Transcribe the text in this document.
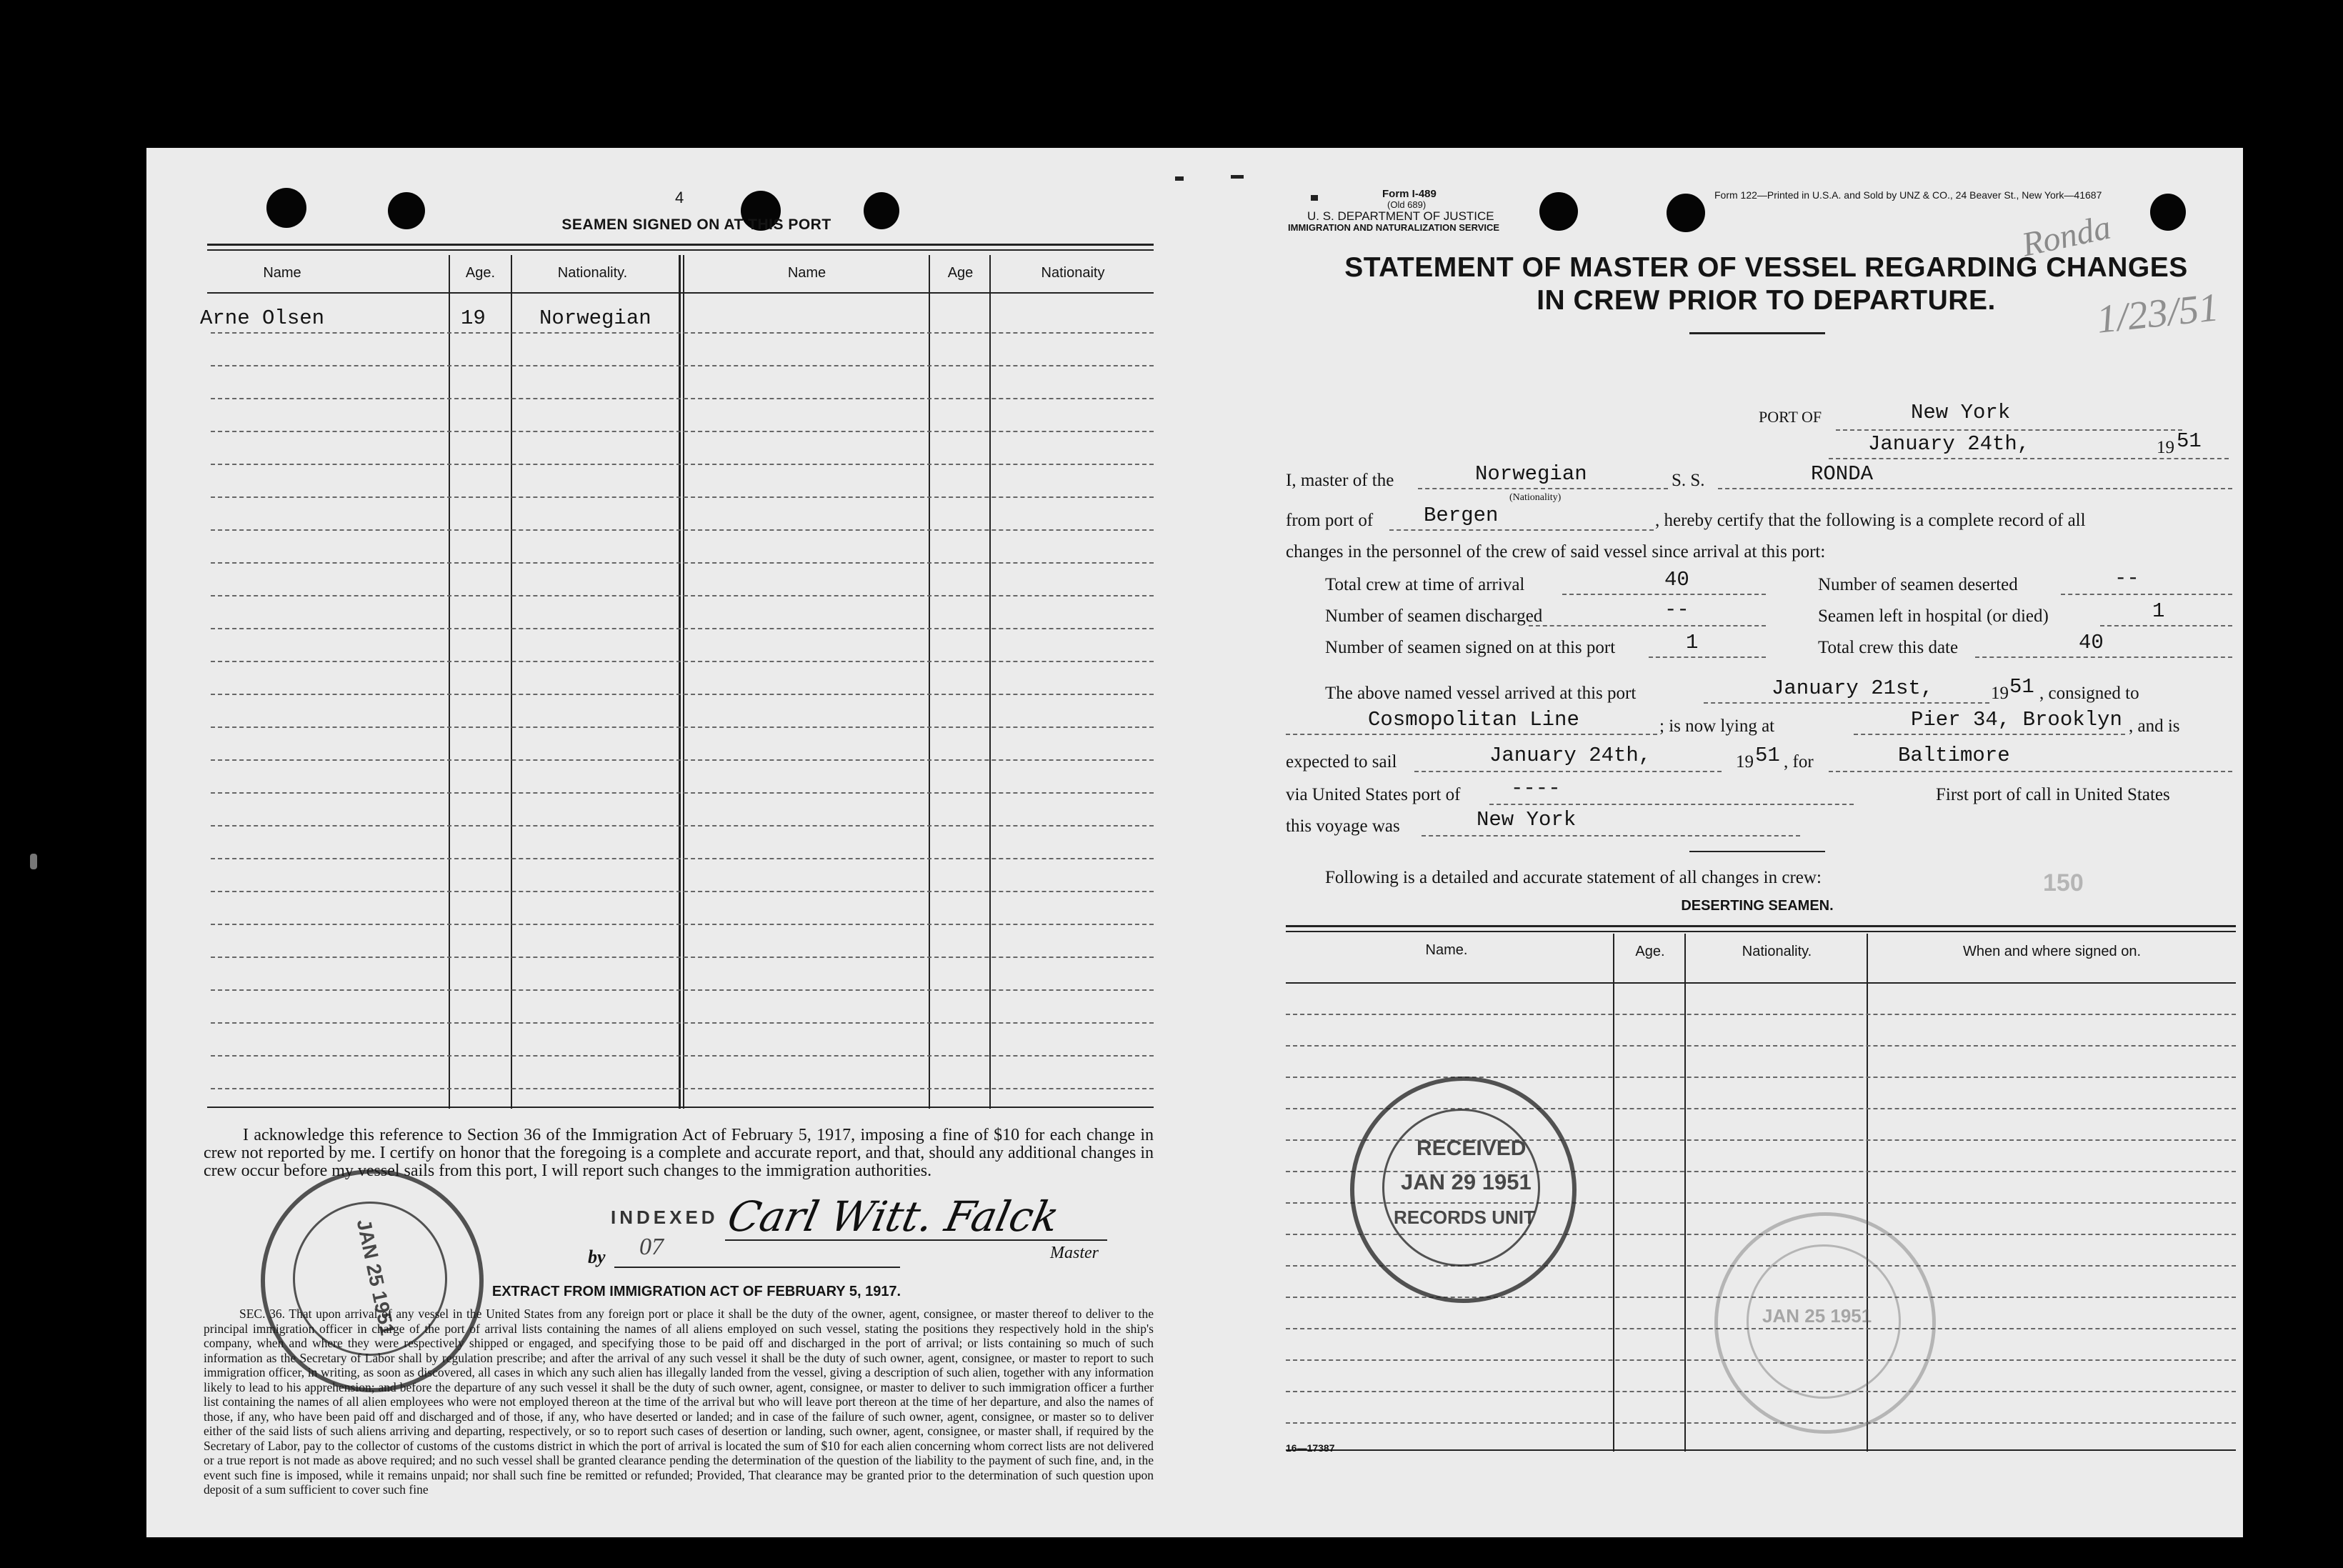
4
SEAMEN SIGNED ON AT THIS PORT
Name	Age.	Nationality.	Name	Age	Nationaity
Arne Olsen	19	Norwegian
I acknowledge this reference to Section 36 of the Immigration Act of February 5, 1917, imposing a fine of $10 for each change in crew not reported by me. I certify on honor that the foregoing is a complete and accurate report, and that, should any additional changes in crew occur before my vessel sails from this port, I will report such changes to the immigration authorities.
INDEXED
by 07
Carl Witt. Falck
Master
EXTRACT FROM IMMIGRATION ACT OF FEBRUARY 5, 1917.
SEC. 36. That upon arrival of any vessel in the United States from any foreign port or place it shall be the duty of the owner, agent, consignee, or master thereof to deliver to the principal immigration officer in charge of the port of arrival lists containing the names of all aliens employed on such vessel, stating the positions they respectively hold in the ship's company, when and where they were respectively shipped or engaged, and specifying those to be paid off and discharged in the port of arrival; or lists containing so much of such information as the Secretary of Labor shall by regulation prescribe; and after the arrival of any such vessel it shall be the duty of such owner, agent, consignee, or master to report to such immigration officer, in writing, as soon as discovered, all cases in which any such alien has illegally landed from the vessel, giving a description of such alien, together with any information likely to lead to his apprehension; and before the departure of any such vessel it shall be the duty of such owner, agent, consignee, or master to deliver to such immigration officer a further list containing the names of all alien employees who were not employed thereon at the time of the arrival but who will leave port thereon at the time of her departure, and also the names of those, if any, who have been paid off and discharged and of those, if any, who have deserted or landed; and in case of the failure of such owner, agent, consignee, or master so to deliver either of the said lists of such aliens arriving and departing, respectively, or so to report such cases of desertion or landing, such owner, agent, consignee, or master shall, if required by the Secretary of Labor, pay to the collector of customs of the customs district in which the port of arrival is located the sum of $10 for each alien concerning whom correct lists are not delivered or a true report is not made as above required; and no such vessel shall be granted clearance pending the determination of the question of the liability to the payment of such fine, and, in the event such fine is imposed, while it remains unpaid; nor shall such fine be remitted or refunded; Provided, That clearance may be granted prior to the determination of such question upon deposit of a sum sufficient to cover such fine
JAN 25 1951
Form I-489
(Old 689)
U. S. DEPARTMENT OF JUSTICE
IMMIGRATION AND NATURALIZATION SERVICE
Form 122—Printed in U.S.A. and Sold by UNZ & CO., 24 Beaver St., New York—41687
Ronda
1/23/51
STATEMENT OF MASTER OF VESSEL REGARDING CHANGES
IN CREW PRIOR TO DEPARTURE.
PORT OF	New York
January 24th,	19 51
I, master of the	Norwegian
(Nationality)
S. S.	RONDA
from port of Bergen	, hereby certify that the following is a complete record of all
changes in the personnel of the crew of said vessel since arrival at this port:
Total crew at time of arrival	40	Number of seamen deserted	--
Number of seamen discharged	--	Seamen left in hospital (or died)	1
Number of seamen signed on at this port	1	Total crew this date	40
The above named vessel arrived at this port	January 21st,	19 51 , consigned to
Cosmopolitan Line	; is now lying at	Pier 34, Brooklyn , and is
expected to sail	January 24th,	19 51 , for	Baltimore
via United States port of ----	First port of call in United States
this voyage was	New York
Following is a detailed and accurate statement of all changes in crew:	150
DESERTING SEAMEN.
Name.	Age.	Nationality.	When and where signed on.
16—17387
RECEIVED
JAN 29 1951
RECORDS UNIT
JAN 25 1951
